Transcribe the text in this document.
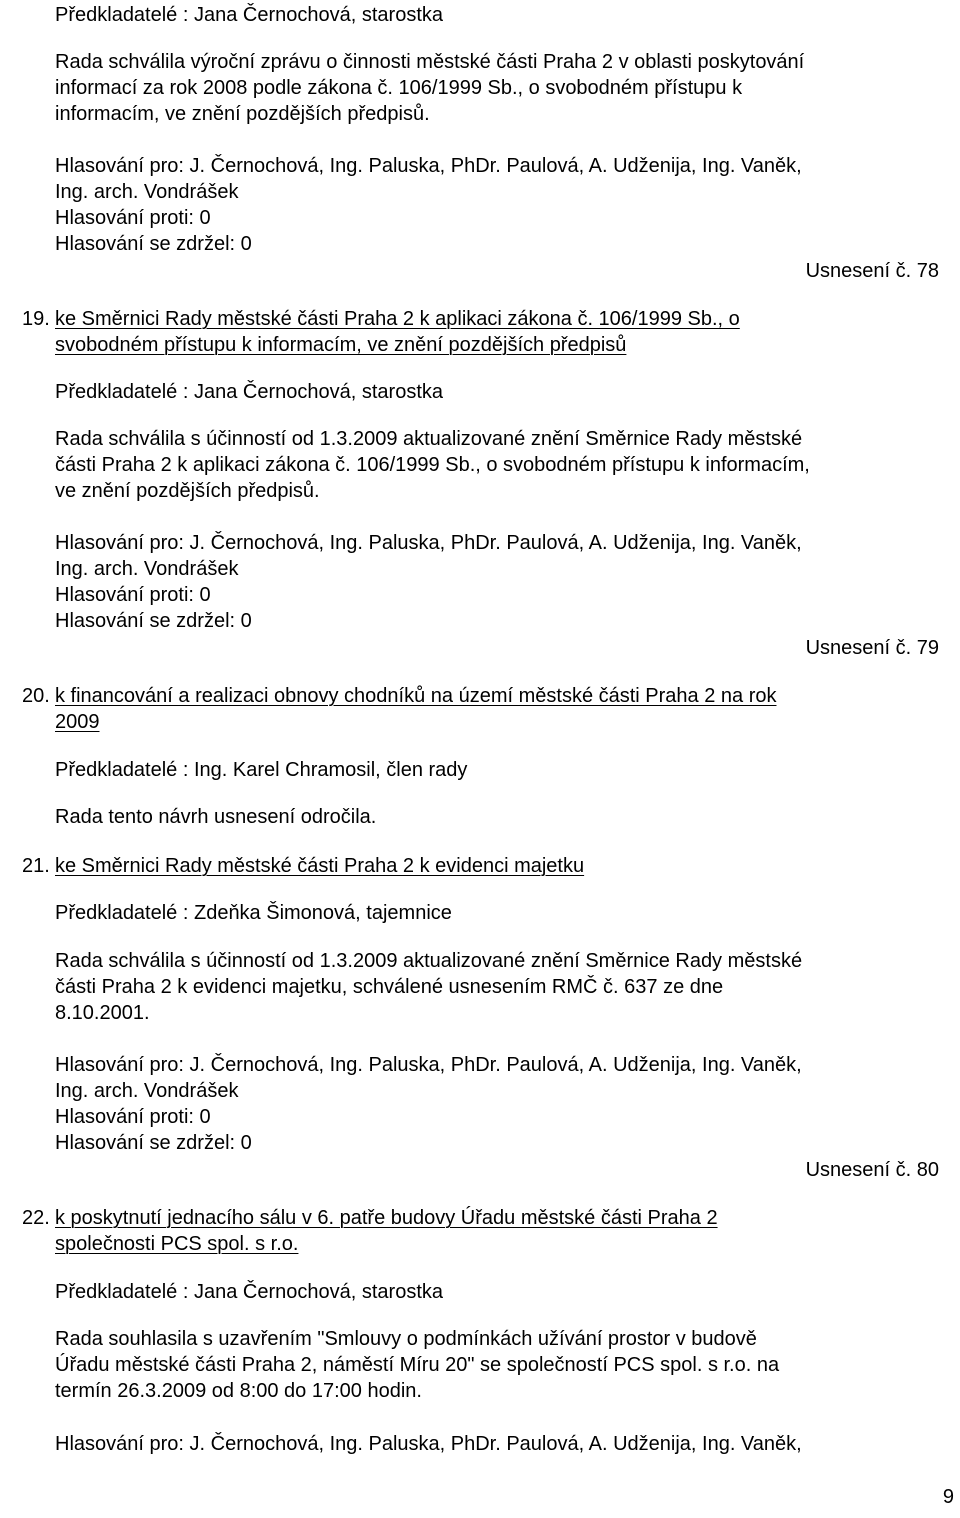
Předkladatelé : Jana Černochová, starostka
Rada schválila výroční zprávu o činnosti městské části Praha 2 v oblasti poskytování
informací za rok 2008 podle zákona č. 106/1999 Sb., o svobodném přístupu k
informacím, ve znění pozdějších předpisů.
Hlasování pro: J. Černochová, Ing. Paluska, PhDr. Paulová, A. Udženija, Ing. Vaněk,
Ing. arch. Vondrášek
Hlasování proti: 0
Hlasování se zdržel: 0
Usnesení č. 78
19. ke Směrnici Rady městské části Praha 2 k aplikaci zákona č. 106/1999 Sb., o
svobodném přístupu k informacím, ve znění pozdějších předpisů
Předkladatelé : Jana Černochová, starostka
Rada schválila s účinností od 1.3.2009 aktualizované znění Směrnice Rady městské
části Praha 2 k aplikaci zákona č. 106/1999 Sb., o svobodném přístupu k informacím,
ve znění pozdějších předpisů.
Hlasování pro: J. Černochová, Ing. Paluska, PhDr. Paulová, A. Udženija, Ing. Vaněk,
Ing. arch. Vondrášek
Hlasování proti: 0
Hlasování se zdržel: 0
Usnesení č. 79
20. k financování a realizaci obnovy chodníků na území městské části Praha 2 na rok
2009
Předkladatelé : Ing. Karel Chramosil, člen rady
Rada tento návrh usnesení odročila.
21. ke Směrnici Rady městské části Praha 2 k evidenci majetku
Předkladatelé : Zdeňka Šimonová, tajemnice
Rada schválila s účinností od 1.3.2009 aktualizované znění Směrnice Rady městské
části Praha 2 k evidenci majetku, schválené usnesením RMČ č. 637 ze dne
8.10.2001.
Hlasování pro: J. Černochová, Ing. Paluska, PhDr. Paulová, A. Udženija, Ing. Vaněk,
Ing. arch. Vondrášek
Hlasování proti: 0
Hlasování se zdržel: 0
Usnesení č. 80
22. k poskytnutí jednacího sálu v 6. patře budovy Úřadu městské části Praha 2
společnosti PCS spol. s r.o.
Předkladatelé : Jana Černochová, starostka
Rada souhlasila s uzavřením "Smlouvy o podmínkách užívání prostor v budově
Úřadu městské části Praha 2, náměstí Míru 20" se společností PCS spol. s r.o. na
termín 26.3.2009 od 8:00 do 17:00 hodin.
Hlasování pro: J. Černochová, Ing. Paluska, PhDr. Paulová, A. Udženija, Ing. Vaněk,
9
